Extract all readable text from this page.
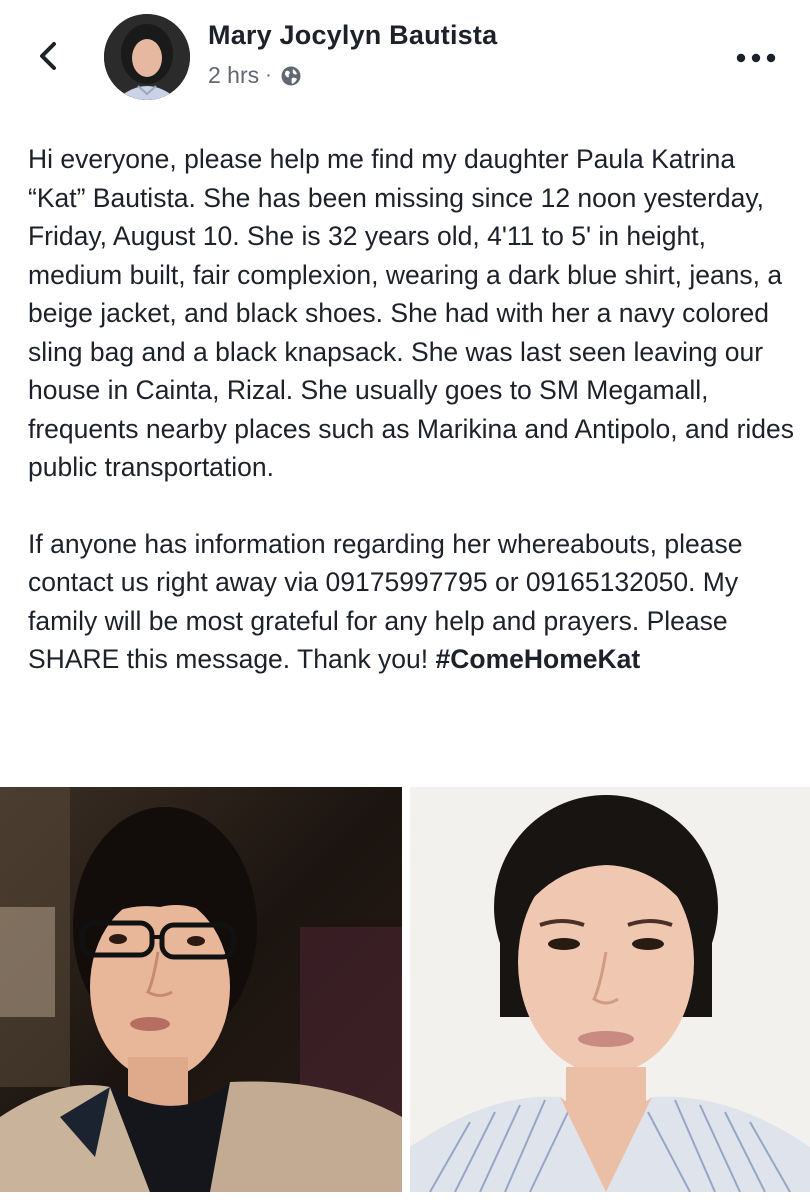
Mary Jocylyn Bautista
2 hrs ·

Hi everyone, please help me find my daughter Paula Katrina “Kat” Bautista. She has been missing since 12 noon yesterday, Friday, August 10. She is 32 years old, 4'11 to 5' in height, medium built, fair complexion, wearing a dark blue shirt, jeans, a beige jacket, and black shoes. She had with her a navy colored sling bag and a black knapsack. She was last seen leaving our house in Cainta, Rizal. She usually goes to SM Megamall, frequents nearby places such as Marikina and Antipolo, and rides public transportation.

If anyone has information regarding her whereabouts, please contact us right away via 09175997795 or 09165132050. My family will be most grateful for any help and prayers. Please SHARE this message. Thank you! #ComeHomeKat
